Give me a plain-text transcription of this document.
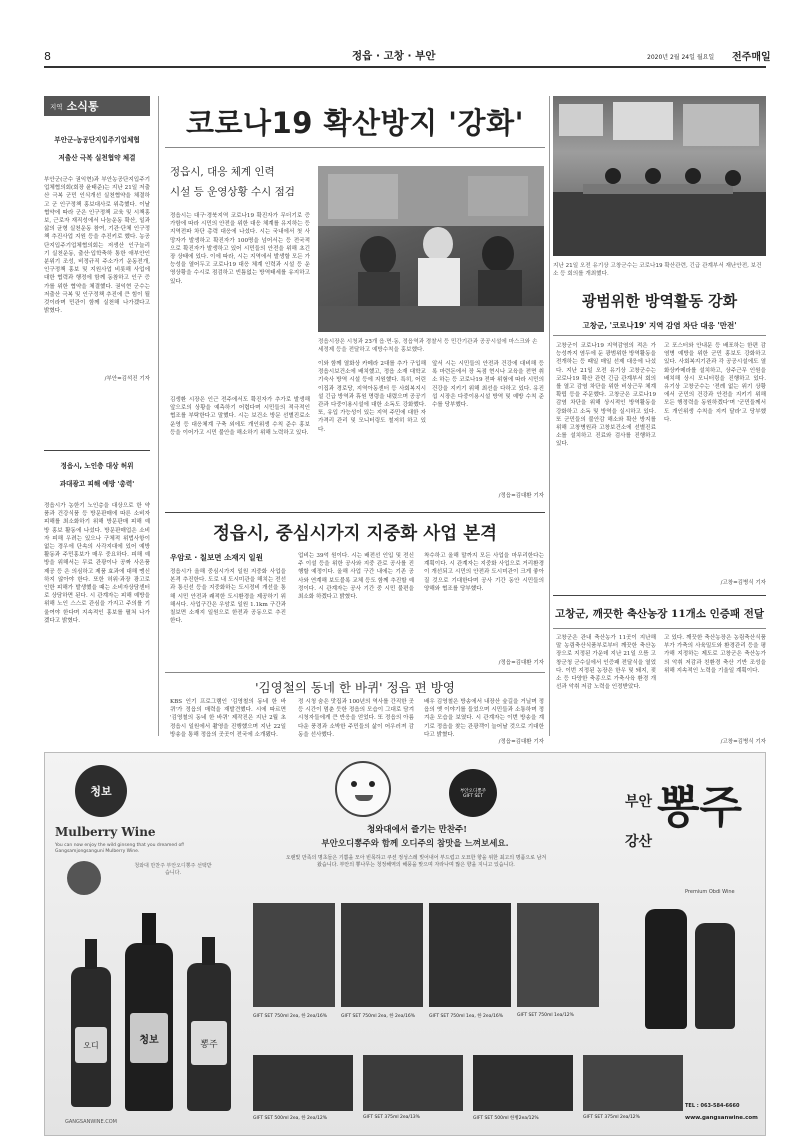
8	정읍 · 고창 · 부안	2020년 2월 24일 월요일 전주매일
지역 소식통
부안군-농공단지입주기업체협
저출산 극복 실천협약 체결
부안군(군수 권익현)과 부안농공단지입주기업체협의회(회장 윤태준)는 지난 21일 저출산 극복 군민 인식개선 실천협약을 체결하고 군 인구정책 홍보대사로 위촉했다. 이날 협약에 따라 군은 인구정책 교육 및 시책홍보, 근로자 재직성에서 나눔운동 확산, 일과 삶의 균형 실천운동 참여, 기관·단체 인구정책 추진사업 지원 등을 추진키로 했다. 농공단지입주기업체협의회는 저생산 인구늘리기 실천운동, 출산·입학축하 통한 애부안인 분위기 조성, 비정규직 주소가기 운동전개, 인구정책 홍보 및 지원사업 비롯해 사업에 대한 협력과 행정에 함께 동참하고 인구 증가를 위한 협약을 체결했다. 권익현 군수는 저출산 극복 및 인구정책 추진에 큰 힘이 될 것이라며 민관이 함께 실천해 나가겠다고 밝혔다.
/부안=김석진 기자
정읍시, 노인층 대상 허위
과대광고 피해 예방 '총력'
정읍시가 농한기 노인층을 대상으로 한 약품과 건강식품 등 방문판매에 따른 소비자 피해를 최소화하기 위해 방문판매 피해 예방 홍보 활동에 나섰다. 방문판매업은 소비자 피해 우려는 있으나 구체적 위법사항이 없는 경우에 단속의 사각지대에 있어 예방 활동과 주민홍보가 매우 중요하다. 피해 예방을 위해서는 무료 관광이나 공짜 사은품 제공 등 은 의심하고 제품 효과에 대해 맹신하지 않아야 한다. 또한 허위·과장 광고로 인한 피해가 발생했을 때는 소비자상담센터로 상담하면 된다. 시 관계자는 피해 예방을 위해 노인 스스로 관심을 가지고 주의를 기울여야 한다며 지속적인 홍보를 펼쳐 나가겠다고 밝혔다.
코로나19 확산방지 '강화'
정읍시, 대응 체계 인력
시설 등 운영상황 수시 점검
정읍시는 대구·경북지역 코로나19 확진자가 무더기로 증가함에 따라 시민의 안전을 위한 대응 체계를 유지하는 등 지역전파 차단 총력 대응에 나섰다. 시는 국내에서 첫 사망자가 발생하고 확진자가 100명을 넘어서는 등 전국적으로 확진자가 발생하고 있어 시민들의 안전을 위해 초긴장 상태에 있다. 이에 따라, 시는 지역에서 발생할 모든 가능성을 열어두고 코로나19 대응 체계 인력과 시설 등 운영상황을 수시로 점검하고 빈틈없는 방역태세를 유지하고 있다.
정읍시장은 시청과 23개 읍·면·동, 정읍역과 경찰서 등 민간기관과 공공시설에 마스크와 손 세정제 등을 전달하고 예방수칙을 홍보했다.
김생환 시장은 인근 전주에서도 확진자가 추가로 발생해 앞으로의 상황을 예측하기 어렵다며 시민들의 적극적인 협조를 부탁한다고 말했다. 시는 보건소 방문 선별진료소 운영 등 대응체계 구축 외에도 개인위생 수칙 준수 홍보 등을 이어가고 시민 불안을 해소하기 위해 노력하고 있다.
이와 함께 열화상 카메라 2대를 추가 구입해 정읍시보건소에 배치했고, 정읍 소재 대학교 기숙사 방역 시설 등에 지원했다. 특히, 어린이집과 경로당, 지역아동센터 등 사회복지시설 긴급 방역과 휴원 명령을 내렸으며 공공기관과 다중이용시설에 대한 소독도 강화했다. 또, 유입 가능성이 있는 지역 주민에 대한 자가격리 관리 및 모니터링도 철저히 하고 있다.
앞서 시는 시민들의 안전과 건강에 대비해 등록 마련돈에서 장 독점 현시나 교육을 전면 취소 하는 등 코로나19 전파 위험에 따라 시민의 건강을 지키기 위해 최선을 다하고 있다. 유진섭 시장은 다중이용시설 방역 및 예방 수칙 준수를 당부했다.
/정읍=김대환 기자
지난 21일 오전 유기상 고창군수는 코로나19 확산관련, 긴급 관계부서 재난안전, 보건소 등 회의를 개최했다.
광범위한 방역활동 강화
고창군, '코로나19' 지역 감염 차단 대응 '만전'
고창군이 코로나19 지역감염의 적은 가능성까지 염두에 둔 광범위한 방역활동을 전개하는 등 때일 매일 선제 대응에 나섰다. 지난 21일 오전 유기상 고창군수는 코로나19 확산 관련 긴급 관계부서 회의를 열고 감염 차단을 위한 비상근무 체계 확립 등을 주문했다. 고창군은 코로나19 감염 차단을 위해 상시적인 방역활동을 강화하고 소독 및 방역을 실시하고 있다. 또 군민들의 불안감 해소와 확산 방지를 위해 고창병원과 고창보건소에 선별진료소를 설치하고 진료와 검사를 진행하고 있다.
고 포스터와 안내문 등 배포하는 한편 감염병 예방을 위한 군민 홍보도 강화하고 있다. 사회복지기관과 각 공공시설에도 열화상카메라를 설치하고, 상주근무 인원을 배치해 상시 모니터링을 진행하고 있다. 유기상 고창군수는 '전례 없는 위기 상황에서 군민의 건강과 안전을 지키기 위해 모든 행정력을 동원하겠다'며 '군민들께서도 개인위생 수칙을 지켜 달라'고 당부했다.
/고창=김병식 기자
정읍시, 중심시가지 지중화 사업 본격
우암로 · 칠보면 소재지 일원
정읍시가 올해 중심시가지 일원 지중화 사업을 본격 추진한다. 도로 내 도시미관을 해치는 전선과 통신선 등을 지중화하는 도시정비 개선을 통해 시민 안전과 쾌적한 도시환경을 제공하기 위해서다. 사업구간은 우암로 일원 1.1km 구간과 칠보면 소재지 일원으로 한전과 공동으로 추진한다.
업비는 39억 원이다. 시는 배전선 인입 및 전신주 이설 등을 위한 공사와 지중 관로 공사를 진행할 예정이다. 올해 사업 구간 내에는 기존 공사와 연계해 보도블록 교체 등도 함께 추진할 예정이다. 시 관계자는 공사 기간 중 시민 불편을 최소화 하겠다고 밝혔다.
착수하고 올해 말까지 모든 사업을 마무리한다는 계획이다. 시 관계자는 지중화 사업으로 거리환경이 개선되고 시민의 안전과 도시미관이 크게 좋아질 것으로 기대한다며 공사 기간 동안 시민들의 양해와 협조를 당부했다.
/정읍=김대환 기자
'김영철의 동네 한 바퀴' 정읍 편 방영
KBS 인기 프로그램인 '김영철의 동네 한 바퀴'가 정읍의 매력을 재발견했다. 시에 따르면 '김영철의 동네 한 바퀴' 제작진은 지난 2월 초 정읍시 일원에서 촬영을 진행했으며 지난 22일 방송을 통해 정읍의 곳곳이 전국에 소개됐다.
정 시청 숨은 맛집과 100년의 역사를 간직한 곳 등 시간이 멈춘 듯한 정읍의 모습이 그대로 담겨 시청자들에게 큰 반응을 얻었다. 또 정읍의 아름다운 풍경과 소박한 주민들의 삶이 어우러져 감동을 선사했다.
배우 김영철은 방송에서 내장산 숲길을 거닐며 정읍의 옛 이야기를 들었으며 시민들과 소통하며 정겨운 모습을 보였다. 시 관계자는 이번 방송을 계기로 정읍을 찾는 관광객이 늘어날 것으로 기대한다고 밝혔다.
/정읍=김대환 기자
고창군, 깨끗한 축산농장 11개소 인증패 전달
고창군은 관내 축산농가 11곳이 지난해 말 농림축산식품부로부터 깨끗한 축산농장으로 지정된 가운데 지난 21일 으뜸 고창군청 군수실에서 인증패 전달식을 열었다. 이번 지정된 농장은 한우 및 돼지, 젖소 등 다양한 축종으로 가축사육 환경 개선과 악취 저감 노력을 인정받았다.
고 있다. 깨끗한 축산농장은 농림축산식품부가 가축의 사육밀도와 환경관리 등을 평가해 지정하는 제도로 고창군은 축산농가의 악취 저감과 친환경 축산 기반 조성을 위해 지속적인 노력을 기울일 계획이다.
/고창=김병식 기자
청보
Mulberry Wine
You can now enjoy the wild ginseng that you dreamed of! Gangsamjongsanguni Mulberry Wine.
청와대 만찬주 부안오디뽕주 선택받습니다.
오디	청보	뽕주
GANGSANWINE.COM
부안오디뽕주 GIFT SET
청와대에서 즐기는 만찬주!
부안오디뽕주와 함께 오디주의 참맛을 느껴보세요.
오랜빛 만족의 명초들은 기쁨을 모아 빈목하고 쿠션 정성스레 빚어내어 부드럽고 오묘한 향을 위한 최고의 명품으로 남겨 왔습니다. 부안의 뽕나무는 청정해역의 해풍을 맞으며 자라나며 많은 향을 지니고 있습니다.
GIFT SET 750ml 2ea, 한 2ea/16%	GIFT SET 750ml 2ea, 한 2ea/16%	GIFT SET 750ml 1ea, 한 2ea/16%	GIFT SET 750ml 1ea/12%
GIFT SET 500ml 2ea, 한 2ea/12%	GIFT SET 375ml 2ea/13%	GIFT SET 500ml 한병2ea/12%	GIFT SET 375ml 2ea/12%
부안
강산
뽕주
Premium Obdi Wine
TEL : 063-584-6660
www.gangsanwine.com
